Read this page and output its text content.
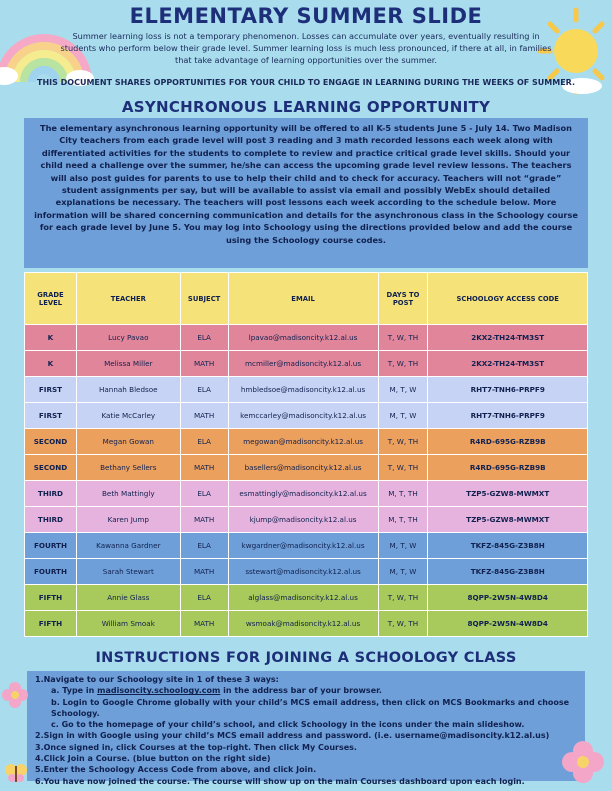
ELEMENTARY SUMMER SLIDE
Summer learning loss is not a temporary phenomenon. Losses can accumulate over years, eventually resulting in students who perform below their grade level. Summer learning loss is much less pronounced, if there at all, in families that take advantage of learning opportunities over the summer.
THIS DOCUMENT SHARES OPPORTUNITIES FOR YOUR CHILD TO ENGAGE IN LEARNING DURING THE WEEKS OF SUMMER.
ASYNCHRONOUS LEARNING OPPORTUNITY
The elementary asynchronous learning opportunity will be offered to all K-5 students June 5 - July 14. Two Madison City teachers from each grade level will post 3 reading and 3 math recorded lessons each week along with differentiated activities for the students to complete to review and practice critical grade level skills. Should your child need a challenge over the summer, he/she can access the upcoming grade level review lessons. The teachers will also post guides for parents to use to help their child and to check for accuracy. Teachers will not “grade” student assignments per say, but will be available to assist via email and possibly WebEx should detailed explanations be necessary. The teachers will post lessons each week according to the schedule below. More information will be shared concerning communication and details for the asynchronous class in the Schoology course for each grade level by June 5. You may log into Schoology using the directions provided below and add the course using the Schoology course codes.
GRADE LEVEL	TEACHER	SUBJECT	EMAIL	DAYS TO POST	SCHOOLOGY ACCESS CODE
K	Lucy Pavao	ELA	lpavao@madisoncity.k12.al.us	T, W, TH	2KX2-TH24-TM3ST
K	Melissa Miller	MATH	mcmiller@madisoncity.k12.al.us	T, W, TH	2KX2-TH24-TM3ST
FIRST	Hannah Bledsoe	ELA	hmbledsoe@madisoncity.k12.al.us	M, T, W	RHT7-TNH6-PRPF9
FIRST	Katie McCarley	MATH	kemccarley@madisoncity.k12.al.us	M, T, W	RHT7-TNH6-PRPF9
SECOND	Megan Gowan	ELA	megowan@madisoncity.k12.al.us	T, W, TH	R4RD-695G-RZB9B
SECOND	Bethany Sellers	MATH	basellers@madisoncity.k12.al.us	T, W, TH	R4RD-695G-RZB9B
THIRD	Beth Mattingly	ELA	esmattingly@madisoncity.k12.al.us	M, T, TH	TZP5-GZW8-MWMXT
THIRD	Karen Jump	MATH	kjump@madisoncity.k12.al.us	M, T, TH	TZP5-GZW8-MWMXT
FOURTH	Kawanna Gardner	ELA	kwgardner@madisoncity.k12.al.us	M, T, W	TKFZ-845G-Z3B8H
FOURTH	Sarah Stewart	MATH	sstewart@madisoncity.k12.al.us	M, T, W	TKFZ-845G-Z3B8H
FIFTH	Annie Glass	ELA	alglass@madisoncity.k12.al.us	T, W, TH	8QPP-2W5N-4W8D4
FIFTH	William Smoak	MATH	wsmoak@madisoncity.k12.al.us	T, W, TH	8QPP-2W5N-4W8D4
INSTRUCTIONS FOR JOINING A SCHOOLOGY CLASS
1.Navigate to our Schoology site in 1 of these 3 ways:
a. Type in madisoncity.schoology.com in the address bar of your browser.
b. Login to Google Chrome globally with your child’s MCS email address, then click on MCS Bookmarks and choose Schoology.
c. Go to the homepage of your child’s school, and click Schoology in the icons under the main slideshow.
2.Sign in with Google using your child’s MCS email address and password. (i.e. username@madisoncity.k12.al.us)
3.Once signed in, click Courses at the top-right. Then click My Courses.
4.Click Join a Course. (blue button on the right side)
5.Enter the Schoology Access Code from above, and click Join.
6.You have now joined the course. The course will show up on the main Courses dashboard upon each login.
